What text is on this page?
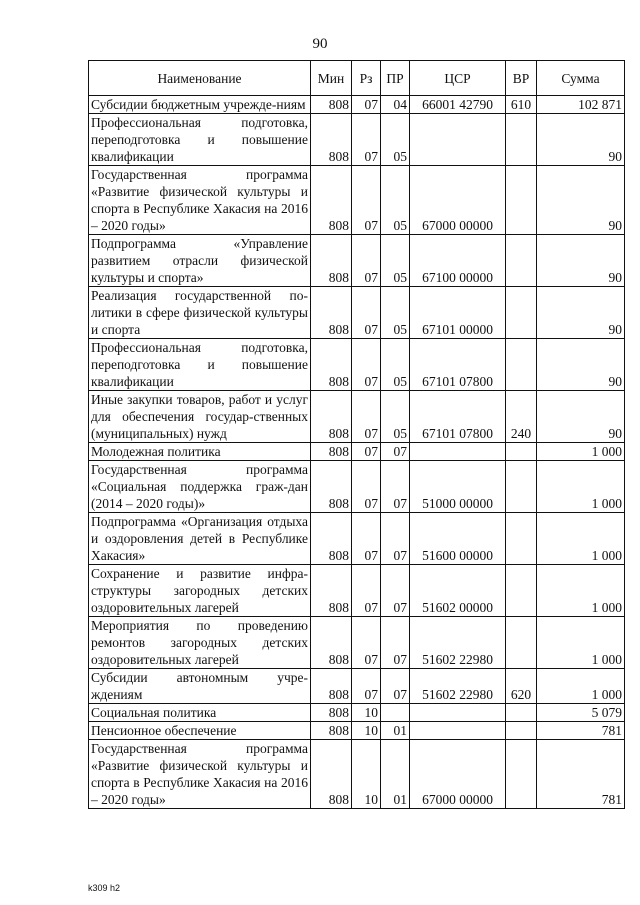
90
Наименование	Мин	Рз	ПР	ЦСР	ВР	Сумма
Субсидии бюджетным учрежде-ниям	808	07	04	66001 42790	610	102 871
Профессиональная подготовка, переподготовка и повышение квалификации	808	07	05			90
Государственная программа «Развитие физической культуры и спорта в Республике Хакасия на 2016 – 2020 годы»	808	07	05	67000 00000		90
Подпрограмма «Управление развитием отрасли физической культуры и спорта»	808	07	05	67100 00000		90
Реализация государственной по-литики в сфере физической культуры и спорта	808	07	05	67101 00000		90
Профессиональная подготовка, переподготовка и повышение квалификации	808	07	05	67101 07800		90
Иные закупки товаров, работ и услуг для обеспечения государ-ственных (муниципальных) нужд	808	07	05	67101 07800	240	90
Молодежная политика	808	07	07			1 000
Государственная программа «Социальная поддержка граж-дан (2014 – 2020 годы)»	808	07	07	51000 00000		1 000
Подпрограмма «Организация отдыха и оздоровления детей в Республике Хакасия»	808	07	07	51600 00000		1 000
Сохранение и развитие инфра-структуры загородных детских оздоровительных лагерей	808	07	07	51602 00000		1 000
Мероприятия по проведению ремонтов загородных детских оздоровительных лагерей	808	07	07	51602 22980		1 000
Субсидии автономным учре-ждениям	808	07	07	51602 22980	620	1 000
Социальная политика	808	10				5 079
Пенсионное обеспечение	808	10	01			781
Государственная программа «Развитие физической культуры и спорта в Республике Хакасия на 2016 – 2020 годы»	808	10	01	67000 00000		781
k309 h2
